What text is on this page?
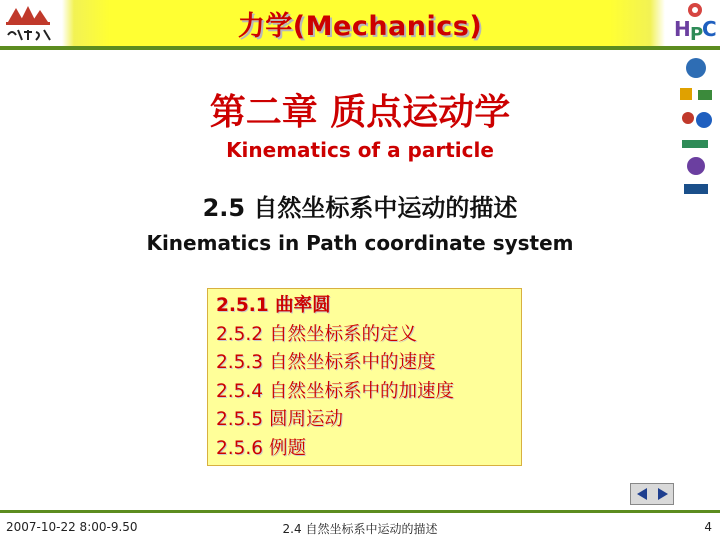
力学(Mechanics)	H P
C
第二章 质点运动学
Kinematics of a particle
2.5 自然坐标系中运动的描述
Kinematics in Path coordinate system
2.5.1 曲率圆
2.5.2 自然坐标系的定义
2.5.3 自然坐标系中的速度
2.5.4 自然坐标系中的加速度
2.5.5 圆周运动
2.5.6 例题
2007-10-22 8:00-9.50	2.4 自然坐标系中运动的描述	4
